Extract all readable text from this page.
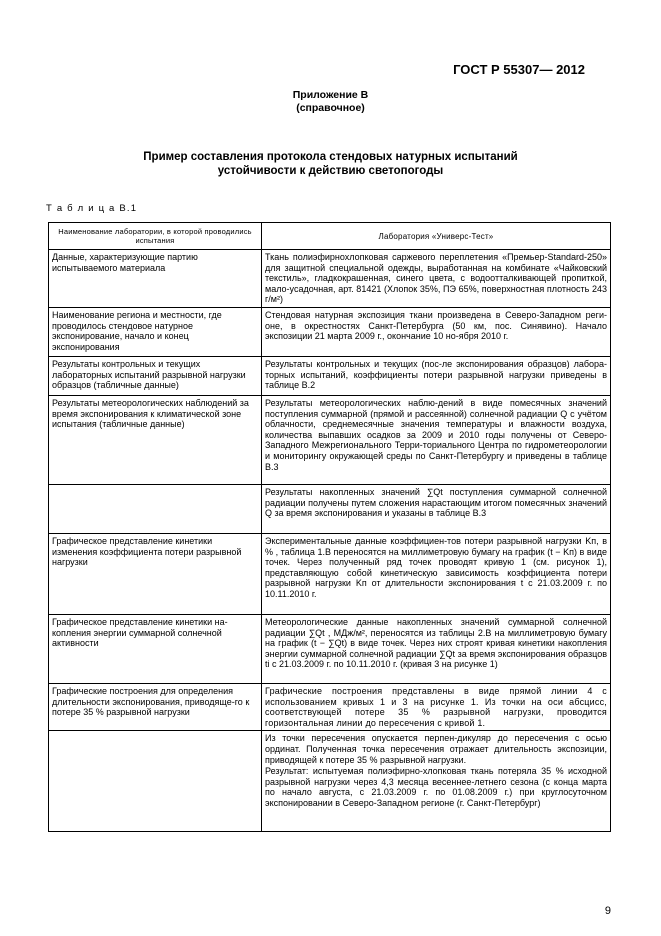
ГОСТ Р 55307— 2012
Приложение В
(справочное)
Пример составления протокола стендовых натурных испытаний
устойчивости к действию светопогоды
Т а б л и ц а В.1
Наименование лаборатории, в которой проводились испытания	Лаборатория «Универс-Тест»
Данные, характеризующие партию испытываемого материала	Ткань полиэфирнохлопковая саржевого переплетения «Премьер-Standard-250» для защитной специальной одежды, выработанная на комбинате «Чайковский текстиль», гладкокрашенная, синего цвета, с водоотталкивающей пропиткой, мало-усадочная, арт. 81421 (Хлопок 35%, ПЭ 65%, поверхностная плотность 243 г/м²)
Наименование региона и местности, где проводилось стендовое натурное экспонирование, начало и конец экспонирования	Стендовая натурная экспозиция ткани произведена в Северо-Западном реги-оне, в окрестностях Санкт-Петербурга (50 км, пос. Синявино). Начало экспозиции 21 марта 2009 г., окончание 10 но-ября 2010 г.
Результаты контрольных и текущих лабораторных испытаний разрывной нагрузки образцов (табличные данные)	Результаты контрольных и текущих (пос-ле экспонирования образцов) лабора-торных испытаний, коэффициенты потери разрывной нагрузки приведены в таблице В.2
Результаты метеорологических наблюдений за время экспонирования к климатической зоне испытания (табличные данные)	Результаты метеорологических наблю-дений в виде помесячных значений поступления суммарной (прямой и рассеянной) солнечной радиации Q с учётом облачности, среднемесячные значения температуры и влажности воздуха, количества выпавших осадков за 2009 и 2010 годы получены от Северо-Западного Межрегионального Терри-ториального Центра по гидрометеорологии и мониторингу окружающей среды по Санкт-Петербургу и приведены в таблице В.3
	Результаты накопленных значений ∑Qt поступления суммарной солнечной радиации получены путем сложения нарастающим итогом помесячных значений Q за время экспонирования и указаны в таблице В.3
Графическое представление кинетики изменения коэффициента потери разрывной нагрузки	Экспериментальные данные коэффициен-тов потери разрывной нагрузки Kп, в % , таблица 1.В переносятся на миллиметровую бумагу на график (t − Kп) в виде точек. Через полученный ряд точек проводят кривую 1 (см. рисунок 1), представляющую собой кинетическую зависимость коэффициента потери разрывной нагрузки Kп от длительности экспонирования t с 21.03.2009 г. по 10.11.2010 г.
Графическое представление кинетики на-копления энергии суммарной солнечной активности	Метеорологические данные накопленных значений суммарной солнечной радиации ∑Qt , МДж/м², переносятся из таблицы 2.В на миллиметровую бумагу на график (t − ∑Qt) в виде точек. Через них строят кривая кинетики накопления энергии суммарной солнечной радиации ∑Qt за время экспонирования образцов ti с 21.03.2009 г. по 10.11.2010 г. (кривая 3 на рисунке 1)
Графические построения для определения длительности экспонирования, приводяще-го к потере 35 % разрывной нагрузки	Графические построения представлены в виде прямой линии 4 с использованием кривых 1 и 3 на рисунке 1. Из точки на оси абсцисс, соответствующей потере 35 % разрывной нагрузки, проводится горизонтальная линии до пересечения с кривой 1.

	Из точки пересечения опускается перпен-дикуляр до пересечения с осью ординат. Полученная точка пересечения отражает длительность экспозиции, приводящей к потере 35 % разрывной нагрузки.
Результат: испытуемая полиэфирно-хлопковая ткань потеряла 35 % исходной разрывной нагрузки через 4,3 месяца весеннее-летнего сезона (с конца марта по начало августа, с 21.03.2009 г. по 01.08.2009 г.) при круглосуточном экспонировании в Северо-Западном регионе (г. Санкт-Петербург)
9
